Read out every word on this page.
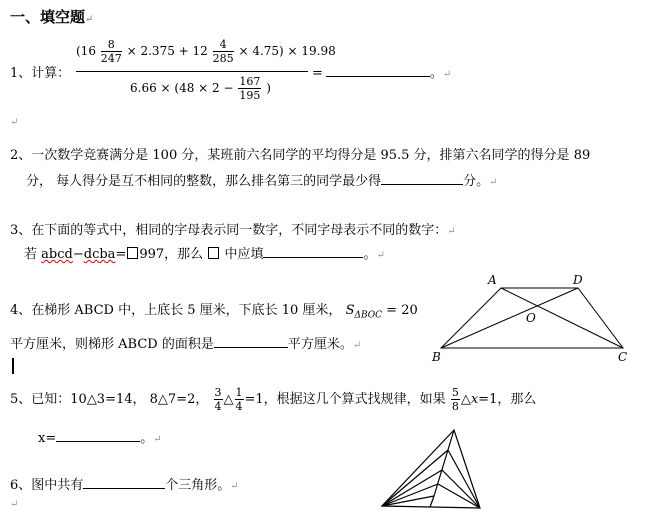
一、填空题↵
1、计算：
$(16 \frac{8}{247} \times 2.375 + 12 \frac{4}{285} \times 4.75) \times 19.98$
$6.66 \times (48 \times 2 - \frac{167}{195}$ )
=	。↵
↵
2、一次数学竞赛满分是 100 分，某班前六名同学的平均得分是 95.5 分，排第六名同学的得分是 89
分， 每人得分是互不相同的整数，那么排名第三的同学最少得	分。↵
3、在下面的等式中，相同的字母表示同一数字，不同字母表示不同的数字：↵
若 abcd−dcba= 997，那么 中应填	。↵
4、在梯形 ABCD 中，上底长 5 厘米，下底长 10 厘米， $S_{\Delta BOC} = 20$
平方厘米，则梯形 ABCD 的面积是	平方厘米。↵
A	D
O
B	C
5、已知：10△3=14， 8△7=2， $\frac{3}{4}$ △ $\frac{1}{4} =1$，根据这几个算式找规律，如果 $\frac{5}{8}$ △x=1，那么
x=	。↵
6、图中共有	个三角形。↵
↵
